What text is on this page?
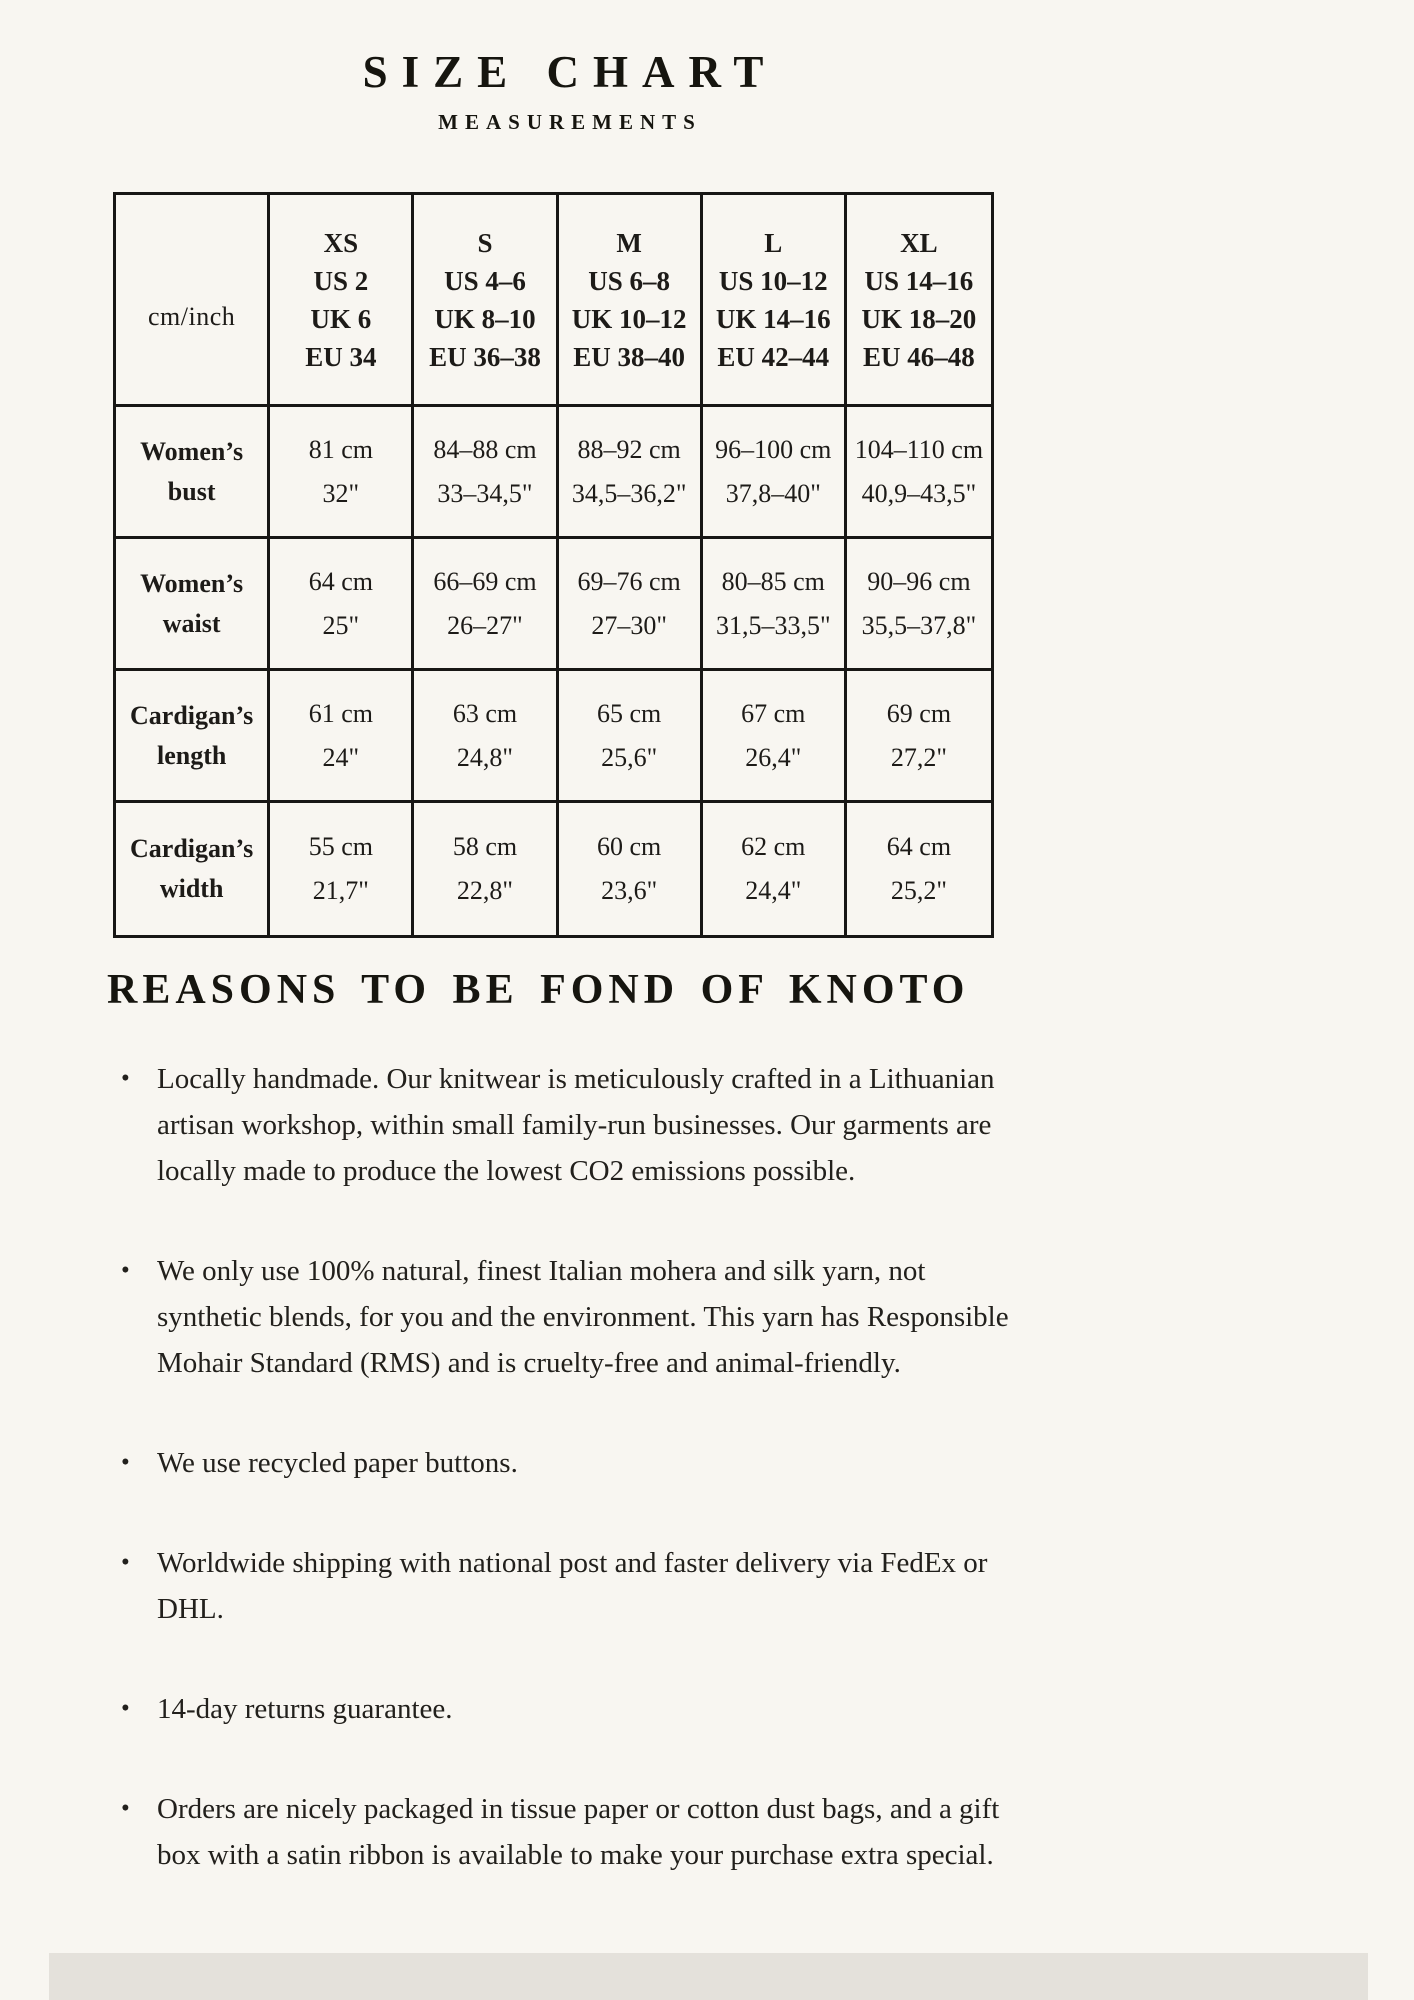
SIZE CHART
MEASUREMENTS
cm/inch
XS
US 2
UK 6
EU 34
S
US 4–6
UK 8–10
EU 36–38
M
US 6–8
UK 10–12
EU 38–40
L
US 10–12
UK 14–16
EU 42–44
XL
US 14–16
UK 18–20
EU 46–48
Women’s bust
81 cm
32"
84–88 cm
33–34,5"
88–92 cm
34,5–36,2"
96–100 cm
37,8–40"
104–110 cm
40,9–43,5"
Women’s waist
64 cm
25"
66–69 cm
26–27"
69–76 cm
27–30"
80–85 cm
31,5–33,5"
90–96 cm
35,5–37,8"
Cardigan’s length
61 cm
24"
63 cm
24,8"
65 cm
25,6"
67 cm
26,4"
69 cm
27,2"
Cardigan’s width
55 cm
21,7"
58 cm
22,8"
60 cm
23,6"
62 cm
24,4"
64 cm
25,2"
REASONS TO BE FOND OF KNOTO
• Locally handmade. Our knitwear is meticulously crafted in a Lithuanian artisan workshop, within small family-run businesses. Our garments are locally made to produce the lowest CO2 emissions possible.
• We only use 100% natural, finest Italian mohera and silk yarn, not synthetic blends, for you and the environment. This yarn has Responsible Mohair Standard (RMS) and is cruelty-free and animal-friendly.
• We use recycled paper buttons.
• Worldwide shipping with national post and faster delivery via FedEx or DHL.
• 14-day returns guarantee.
• Orders are nicely packaged in tissue paper or cotton dust bags, and a gift box with a satin ribbon is available to make your purchase extra special.
